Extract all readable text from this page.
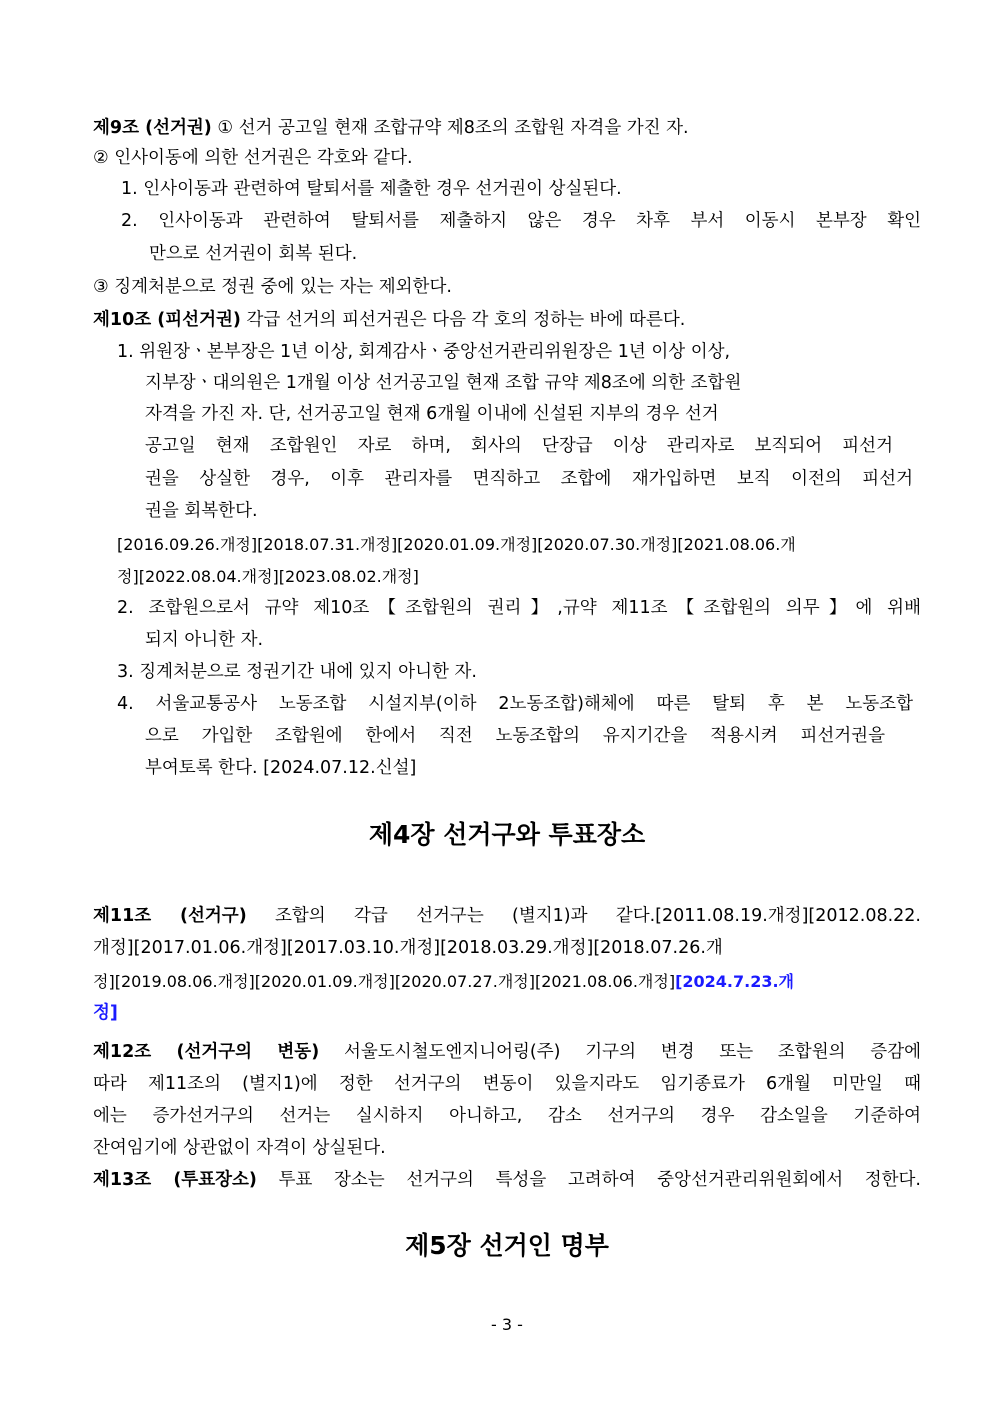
제9조 (선거권) ① 선거 공고일 현재 조합규약 제8조의 조합원 자격을 가진 자.
② 인사이동에 의한 선거권은 각호와 같다.
1. 인사이동과 관련하여 탈퇴서를 제출한 경우 선거권이 상실된다.
2. 인사이동과 관련하여 탈퇴서를 제출하지 않은 경우 차후 부서 이동시 본부장 확인
만으로 선거권이 회복 된다.
③ 징계처분으로 정권 중에 있는 자는 제외한다.
제10조 (피선거권) 각급 선거의 피선거권은 다음 각 호의 정하는 바에 따른다.
1. 위원장ㆍ본부장은 1년 이상, 회계감사ㆍ중앙선거관리위원장은 1년 이상 이상,
지부장ㆍ대의원은 1개월 이상 선거공고일 현재 조합 규약 제8조에 의한 조합원
자격을 가진 자. 단, 선거공고일 현재 6개월 이내에 신설된 지부의 경우 선거
공고일 현재 조합원인 자로 하며, 회사의 단장급 이상 관리자로 보직되어 피선거
권을 상실한 경우, 이후 관리자를 면직하고 조합에 재가입하면 보직 이전의 피선거
권을 회복한다.
[2016.09.26.개정][2018.07.31.개정][2020.01.09.개정][2020.07.30.개정][2021.08.06.개
정][2022.08.04.개정][2023.08.02.개정]
2. 조합원으로서 규약 제10조【조합원의 권리】,규약 제11조【조합원의 의무】에 위배
되지 아니한 자.
3. 징계처분으로 정권기간 내에 있지 아니한 자.
4. 서울교통공사 노동조합 시설지부(이하 2노동조합)해체에 따른 탈퇴 후 본 노동조합
으로 가입한 조합원에 한에서 직전 노동조합의 유지기간을 적용시켜 피선거권을
부여토록 한다. [2024.07.12.신설]
제4장 선거구와 투표장소
제11조 (선거구) 조합의 각급 선거구는 (별지1)과 같다.[2011.08.19.개정][2012.08.22.
개정][2017.01.06.개정][2017.03.10.개정][2018.03.29.개정][2018.07.26.개
정][2019.08.06.개정][2020.01.09.개정][2020.07.27.개정][2021.08.06.개정][2024.7.23.개
정]
제12조 (선거구의 변동) 서울도시철도엔지니어링(주) 기구의 변경 또는 조합원의 증감에
따라 제11조의 (별지1)에 정한 선거구의 변동이 있을지라도 임기종료가 6개월 미만일 때
에는 증가선거구의 선거는 실시하지 아니하고, 감소 선거구의 경우 감소일을 기준하여
잔여임기에 상관없이 자격이 상실된다.
제13조 (투표장소) 투표 장소는 선거구의 특성을 고려하여 중앙선거관리위원회에서 정한다.
제5장 선거인 명부
- 3 -
